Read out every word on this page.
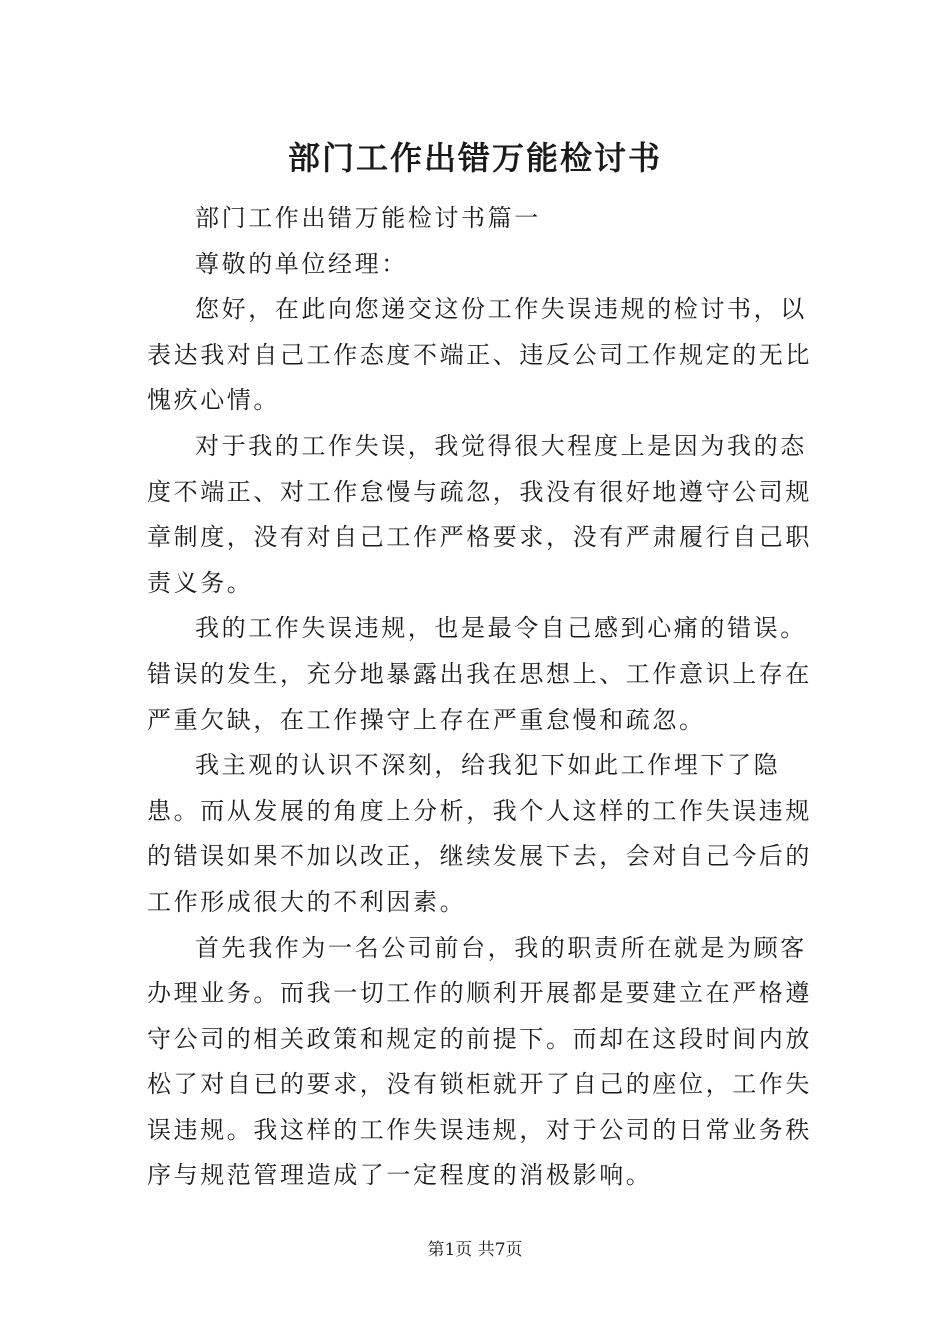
部门工作出错万能检讨书

部门工作出错万能检讨书篇一

尊敬的单位经理：

您好，在此向您递交这份工作失误违规的检讨书，以表达我对自己工作态度不端正、违反公司工作规定的无比愧疚心情。

对于我的工作失误，我觉得很大程度上是因为我的态度不端正、对工作怠慢与疏忽，我没有很好地遵守公司规章制度，没有对自己工作严格要求，没有严肃履行自己职责义务。

我的工作失误违规，也是最令自己感到心痛的错误。错误的发生，充分地暴露出我在思想上、工作意识上存在严重欠缺，在工作操守上存在严重怠慢和疏忽。

我主观的认识不深刻，给我犯下如此工作埋下了隐患。而从发展的角度上分析，我个人这样的工作失误违规的错误如果不加以改正，继续发展下去，会对自己今后的工作形成很大的不利因素。

首先我作为一名公司前台，我的职责所在就是为顾客办理业务。而我一切工作的顺利开展都是要建立在严格遵守公司的相关政策和规定的前提下。而却在这段时间内放松了对自已的要求，没有锁柜就开了自己的座位，工作失误违规。我这样的工作失误违规，对于公司的日常业务秩序与规范管理造成了一定程度的消极影响。

第1页 共7页
